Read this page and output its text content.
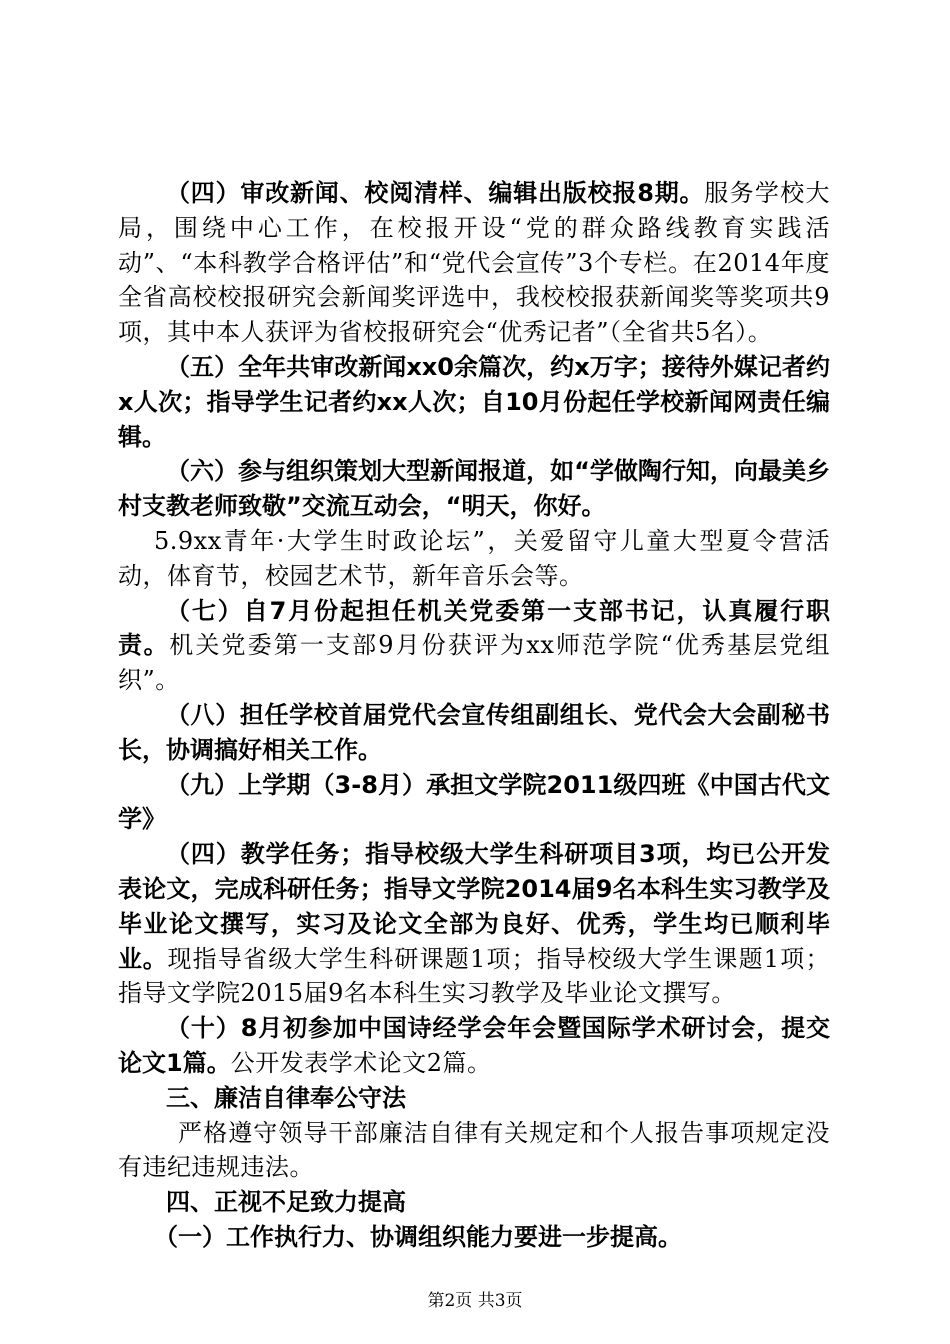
（四）审改新闻、校阅清样、编辑出版校报8期。服务学校大局，围绕中心工作，在校报开设“党的群众路线教育实践活动”、“本科教学合格评估”和“党代会宣传”3个专栏。在2014年度全省高校校报研究会新闻奖评选中，我校校报获新闻奖等奖项共9项，其中本人获评为省校报研究会“优秀记者”（全省共5名）。

（五）全年共审改新闻xx0余篇次，约x万字；接待外媒记者约x人次；指导学生记者约xx人次；自10月份起任学校新闻网责任编辑。

（六）参与组织策划大型新闻报道，如“学做陶行知，向最美乡村支教老师致敬”交流互动会，“明天，你好。

5.9xx青年·大学生时政论坛”，关爱留守儿童大型夏令营活动，体育节，校园艺术节，新年音乐会等。

（七）自7月份起担任机关党委第一支部书记，认真履行职责。机关党委第一支部9月份获评为xx师范学院“优秀基层党组织”。

（八）担任学校首届党代会宣传组副组长、党代会大会副秘书长，协调搞好相关工作。

（九）上学期（3-8月）承担文学院2011级四班《中国古代文学》

（四）教学任务；指导校级大学生科研项目3项，均已公开发表论文，完成科研任务；指导文学院2014届9名本科生实习教学及毕业论文撰写，实习及论文全部为良好、优秀，学生均已顺利毕业。现指导省级大学生科研课题1项；指导校级大学生课题1项；指导文学院2015届9名本科生实习教学及毕业论文撰写。

（十）8月初参加中国诗经学会年会暨国际学术研讨会，提交论文1篇。公开发表学术论文2篇。

三、廉洁自律奉公守法

严格遵守领导干部廉洁自律有关规定和个人报告事项规定没有违纪违规违法。

四、正视不足致力提高

（一）工作执行力、协调组织能力要进一步提高。

第2页 共3页
